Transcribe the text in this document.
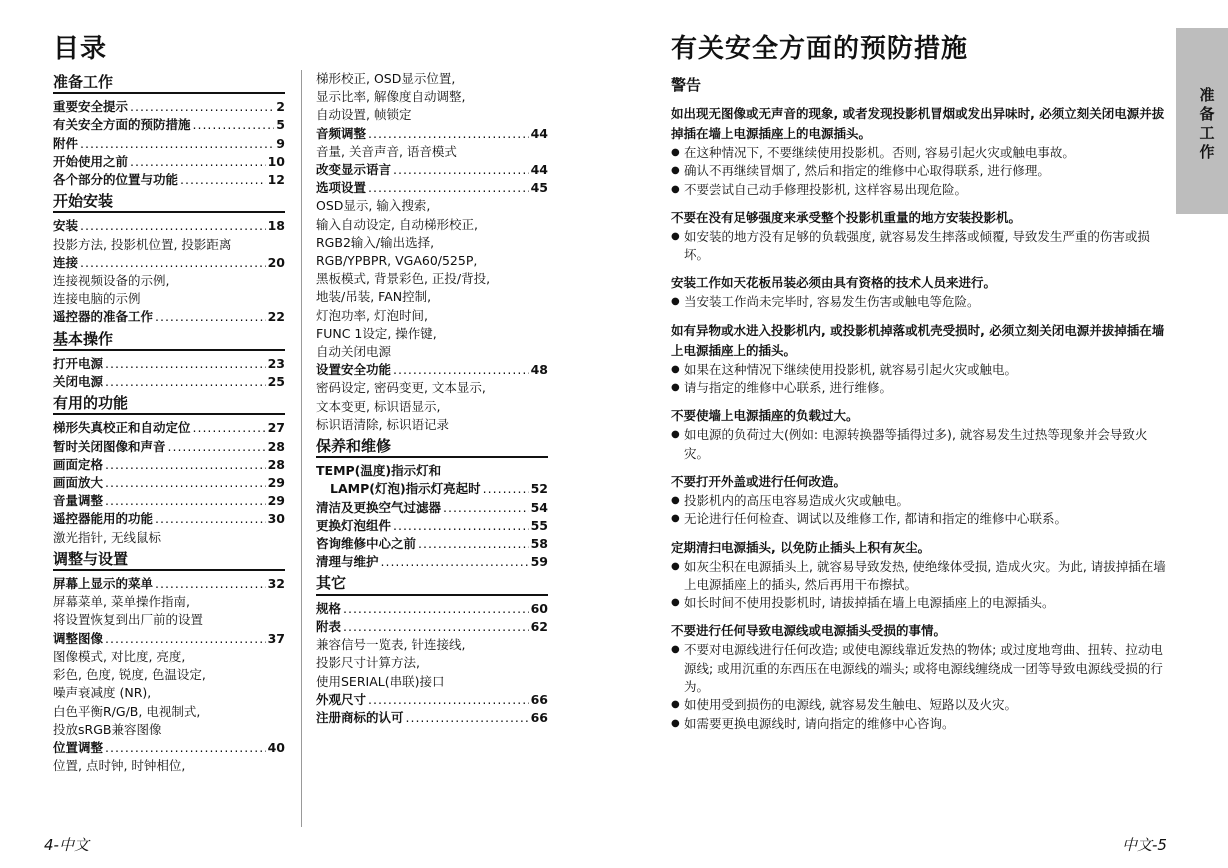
目录
准备工作
重要安全提示 .....	2
有关安全方面的预防措施 .....	5
附件 .....	9
开始使用之前 .....	10
各个部分的位置与功能 .....	12
开始安装
安装 .....	18
投影方法, 投影机位置, 投影距离
连接 .....	20
连接视频设备的示例,
连接电脑的示例
遥控器的准备工作 .....	22
基本操作
打开电源 .....	23
关闭电源 .....	25
有用的功能
梯形失真校正和自动定位 .....	27
暂时关闭图像和声音 .....	28
画面定格 .....	28
画面放大 .....	29
音量调整 .....	29
遥控器能用的功能 .....	30
激光指针, 无线鼠标
调整与设置
屏幕上显示的菜单 .....	32
屏幕菜单, 菜单操作指南,
将设置恢复到出厂前的设置
调整图像 .....	37
图像模式, 对比度, 亮度,
彩色, 色度, 锐度, 色温设定,
噪声衰减度 (NR),
白色平衡R/G/B, 电视制式,
投放sRGB兼容图像
位置调整 .....	40
位置, 点时钟, 时钟相位,
梯形校正, OSD显示位置,
显示比率, 解像度自动调整,
自动设置, 帧锁定
音频调整 .....	44
音量, 关音声音, 语音模式
改变显示语言 .....	44
选项设置 .....	45
OSD显示, 输入搜索,
输入自动设定, 自动梯形校正,
RGB2输入/输出选择,
RGB/YPBPR, VGA60/525P,
黑板模式, 背景彩色, 正投/背投,
地装/吊装, FAN控制,
灯泡功率, 灯泡时间,
FUNC 1设定, 操作键,
自动关闭电源
设置安全功能 .....	48
密码设定, 密码变更, 文本显示,
文本变更, 标识语显示,
标识语清除, 标识语记录
保养和维修
TEMP(温度)指示灯和
LAMP(灯泡)指示灯亮起时 .....	52
清洁及更换空气过滤器 .....	54
更换灯泡组件 .....	55
咨询维修中心之前 .....	58
清理与维护 .....	59
其它
规格 .....	60
附表 .....	62
兼容信号一览表, 针连接线,
投影尺寸计算方法,
使用SERIAL(串联)接口
外观尺寸 .....	66
注册商标的认可 .....	66
4-中文
有关安全方面的预防措施
警告
如出现无图像或无声音的现象, 或者发现投影机冒烟或发出异味时, 必须立刻关闭电源并拔掉插在墙上电源插座上的电源插头。
● 在这种情况下, 不要继续使用投影机。否则, 容易引起火灾或触电事故。
● 确认不再继续冒烟了, 然后和指定的维修中心取得联系, 进行修理。
● 不要尝试自己动手修理投影机, 这样容易出现危险。
不要在没有足够强度来承受整个投影机重量的地方安装投影机。
● 如安装的地方没有足够的负载强度, 就容易发生摔落或倾覆, 导致发生严重的伤害或损坏。
安装工作如天花板吊装必须由具有资格的技术人员来进行。
● 当安装工作尚未完毕时, 容易发生伤害或触电等危险。
如有异物或水进入投影机内, 或投影机掉落或机壳受损时, 必须立刻关闭电源并拔掉插在墙上电源插座上的插头。
● 如果在这种情况下继续使用投影机, 就容易引起火灾或触电。
● 请与指定的维修中心联系, 进行维修。
不要使墙上电源插座的负载过大。
● 如电源的负荷过大(例如: 电源转换器等插得过多), 就容易发生过热等现象并会导致火灾。
不要打开外盖或进行任何改造。
● 投影机内的高压电容易造成火灾或触电。
● 无论进行任何检查、调试以及维修工作, 都请和指定的维修中心联系。
定期清扫电源插头, 以免防止插头上积有灰尘。
● 如灰尘积在电源插头上, 就容易导致发热, 使绝缘体受损, 造成火灾。为此, 请拔掉插在墙上电源插座上的插头, 然后再用干布擦拭。
● 如长时间不使用投影机时, 请拔掉插在墙上电源插座上的电源插头。
不要进行任何导致电源线或电源插头受损的事情。
● 不要对电源线进行任何改造; 或使电源线靠近发热的物体; 或过度地弯曲、扭转、拉动电源线; 或用沉重的东西压在电源线的端头; 或将电源线缠绕成一团等导致电源线受损的行为。
● 如使用受到损伤的电源线, 就容易发生触电、短路以及火灾。
● 如需要更换电源线时, 请向指定的维修中心咨询。
准备工作
中文-5
